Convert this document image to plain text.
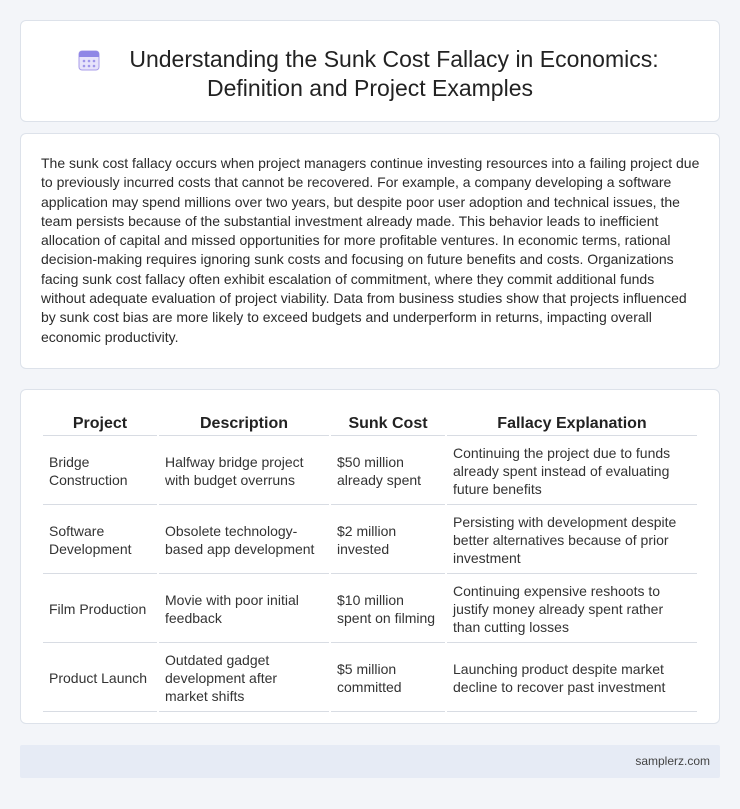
Understanding the Sunk Cost Fallacy in Economics:
Definition and Project Examples

The sunk cost fallacy occurs when project managers continue investing resources into a failing project due to previously incurred costs that cannot be recovered. For example, a company developing a software application may spend millions over two years, but despite poor user adoption and technical issues, the team persists because of the substantial investment already made. This behavior leads to inefficient allocation of capital and missed opportunities for more profitable ventures. In economic terms, rational decision-making requires ignoring sunk costs and focusing on future benefits and costs. Organizations facing sunk cost fallacy often exhibit escalation of commitment, where they commit additional funds without adequate evaluation of project viability. Data from business studies show that projects influenced by sunk cost bias are more likely to exceed budgets and underperform in returns, impacting overall economic productivity.

Project	Description	Sunk Cost	Fallacy Explanation
Bridge Construction	Halfway bridge project with budget overruns	$50 million already spent	Continuing the project due to funds already spent instead of evaluating future benefits
Software Development	Obsolete technology-based app development	$2 million invested	Persisting with development despite better alternatives because of prior investment
Film Production	Movie with poor initial feedback	$10 million spent on filming	Continuing expensive reshoots to justify money already spent rather than cutting losses
Product Launch	Outdated gadget development after market shifts	$5 million committed	Launching product despite market decline to recover past investment
samplerz.com
